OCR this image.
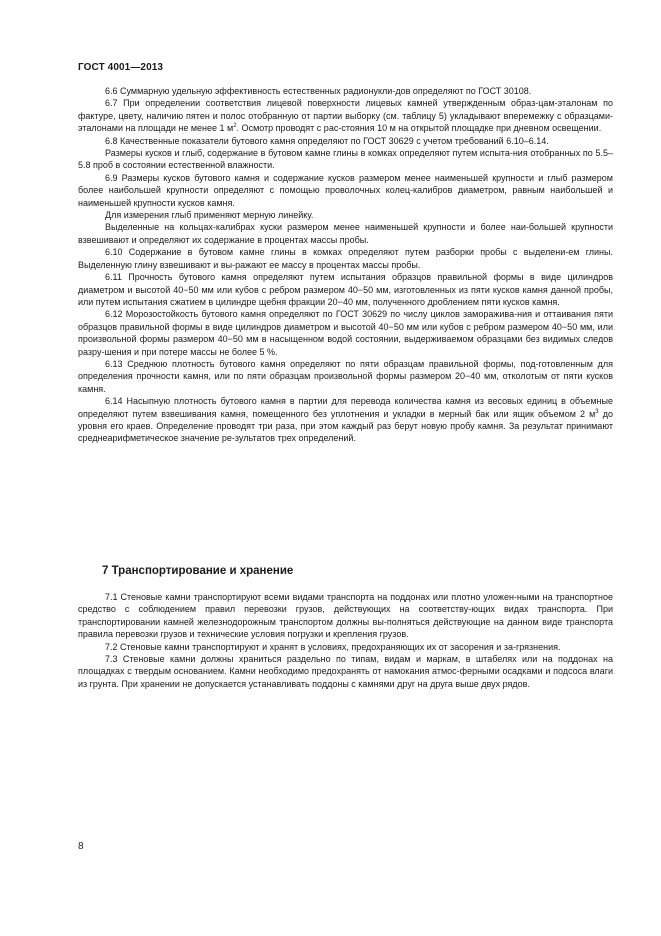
ГОСТ 4001—2013

6.6 Суммарную удельную эффективность естественных радионукли-дов определяют по ГОСТ 30108.

6.7 При определении соответствия лицевой поверхности лицевых камней утвержденным образ-цам-эталонам по фактуре, цвету, наличию пятен и полос отобранную от партии выборку (см. таблицу 5) укладывают вперемежку с образцами-эталонами на площади не менее 1 $м^2$. Осмотр проводят с рас-стояния 10 м на открытой площадке при дневном освещении.

6.8 Качественные показатели бутового камня определяют по ГОСТ 30629 с учетом требований 6.10–6.14.

Размеры кусков и глыб, содержание в бутовом камне глины в комках определяют путем испыта-ния отобранных по 5.5–5.8 проб в состоянии естественной влажности.

6.9 Размеры кусков бутового камня и содержание кусков размером менее наименьшей крупности и глыб размером более наибольшей крупности определяют с помощью проволочных колец-калибров диаметром, равным наибольшей и наименьшей крупности кусков камня.

Для измерения глыб применяют мерную линейку.

Выделенные на кольцах-калибрах куски размером менее наименьшей крупности и более наи-большей крупности взвешивают и определяют их содержание в процентах массы пробы.

6.10 Содержание в бутовом камне глины в комках определяют путем разборки пробы с выделени-ем глины. Выделенную глину взвешивают и вы-ражают ее массу в процентах массы пробы.

6.11 Прочность бутового камня определяют путем испытания образцов правильной формы в виде цилиндров диаметром и высотой 40−50 мм или кубов с ребром размером 40−50 мм, изготовленных из пяти кусков камня данной пробы, или путем испытания сжатием в цилиндре щебня фракции 20−40 мм, полученного дроблением пяти кусков камня.

6.12 Морозостойкость бутового камня определяют по ГОСТ 30629 по числу циклов заморажива-ния и оттаивания пяти образцов правильной формы в виде цилиндров диаметром и высотой 40−50 мм или кубов с ребром размером 40−50 мм, или произвольной формы размером 40−50 мм в насыщенном водой состоянии, выдерживаемом образцами без видимых следов разру-шения и при потере массы не более 5 %.

6.13 Среднюю плотность бутового камня определяют по пяти образцам правильной формы, под-готовленным для определения прочности камня, или по пяти образцам произвольной формы размером 20−40 мм, отколотым от пяти кусков камня.

6.14 Насыпную плотность бутового камня в партии для перевода количества камня из весовых единиц в объемные определяют путем взвешивания камня, помещенного без уплотнения и укладки в мерный бак или ящик объемом 2 $м^3$ до уровня его краев. Определение проводят три раза, при этом каждый раз берут новую пробу камня. За результат принимают среднеарифметическое значение ре-зультатов трех определений.

7 Транспортирование и хранение

7.1 Стеновые камни транспортируют всеми видами транспорта на поддонах или плотно уложен-ными на транспортное средство с соблюдением правил перевозки грузов, действующих на соответству-ющих видах транспорта. При транспортировании камней железнодорожным транспортом должны вы-полняться действующие на данном виде транспорта правила перевозки грузов и технические условия погрузки и крепления грузов.

7.2 Стеновые камни транспортируют и хранят в условиях, предохраняющих их от засорения и за-грязнения.

7.3 Стеновые камни должны храниться раздельно по типам, видам и маркам, в штабелях или на поддонах на площадках с твердым основанием. Камни необходимо предохранять от намокания атмос-ферными осадками и подсоса влаги из грунта. При хранении не допускается устанавливать поддоны с камнями друг на друга выше двух рядов.

8
